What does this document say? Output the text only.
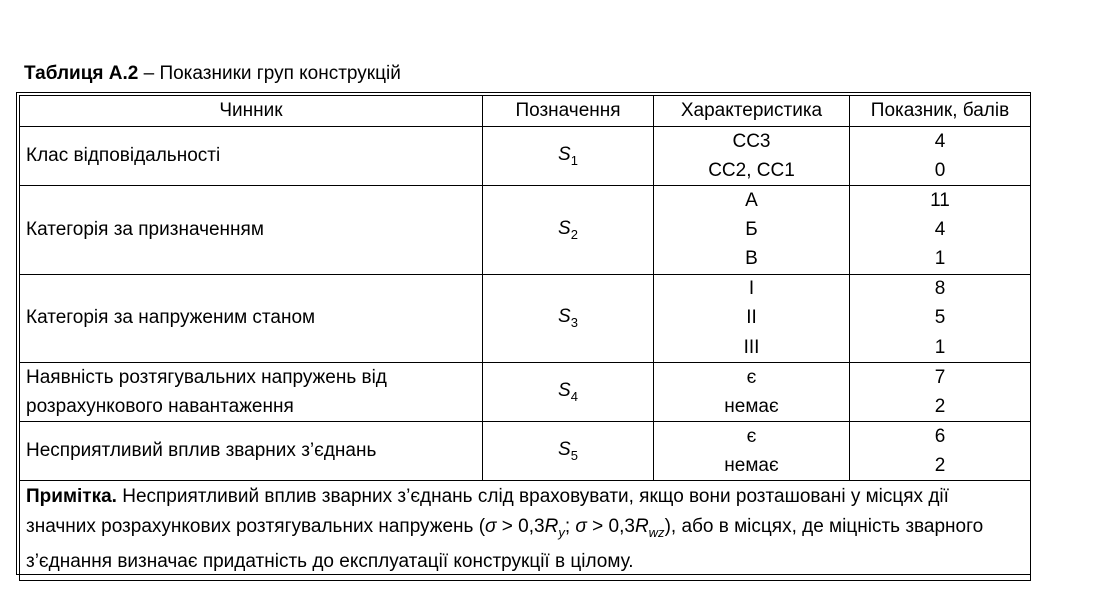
Таблиця А.2 – Показники груп конструкцій
Чинник	Позначення	Характеристика	Показник, балів
Клас відповідальності	$S_1$	СС3	4
		СС2, СС1	0
Категорія за призначенням	$S_2$	А	11
		Б	4
		В	1
Категорія за напруженим станом	$S_3$	І	8
		ІІ	5
		ІІІ	1
Наявність розтягувальних напружень від
розрахункового навантаження	$S_4$	є	7
		немає	2
Несприятливий вплив зварних з’єднань	$S_5$	є	6
		немає	2
Примітка. Несприятливий вплив зварних з’єднань слід враховувати, якщо вони розташовані у місцях дії значних розрахункових розтягувальних напружень ($\sigma > 0,3R_y$; $\sigma > 0,3R_{wz}$), або в місцях, де міцність зварного з’єднання визначає придатність до експлуатації конструкції в цілому.			
